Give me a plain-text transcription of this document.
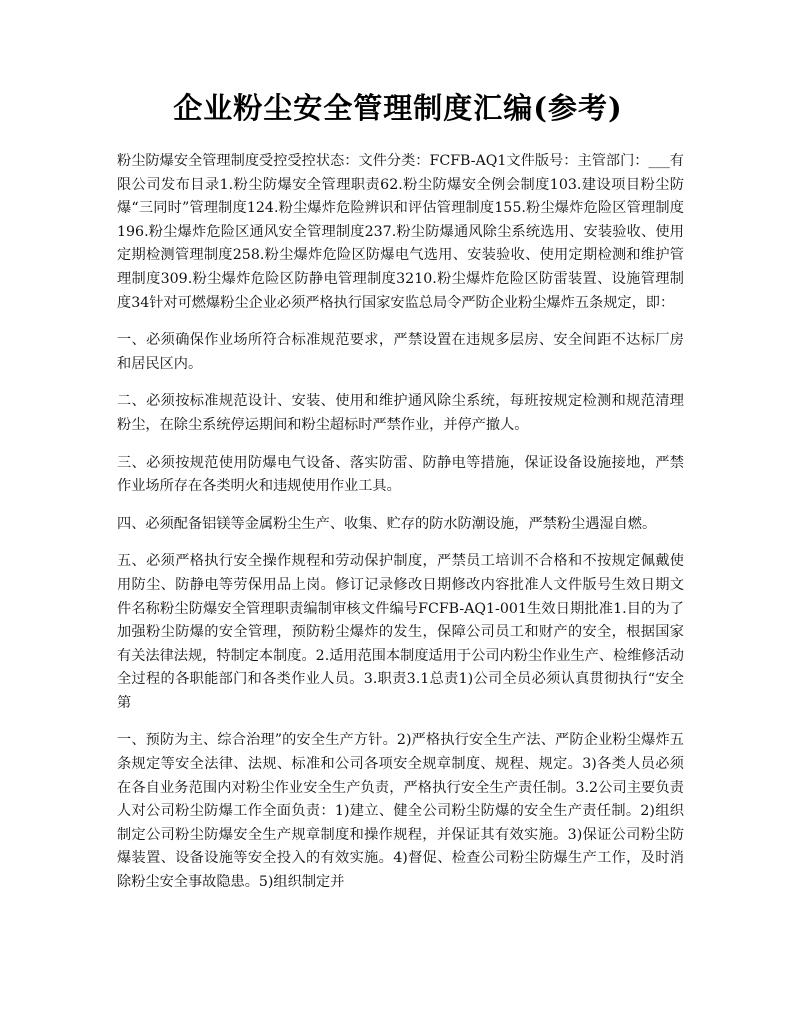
企业粉尘安全管理制度汇编(参考)

粉尘防爆安全管理制度受控受控状态：文件分类：FCFB-AQ1文件版号：主管部门：___有限公司发布目录1.粉尘防爆安全管理职责62.粉尘防爆安全例会制度103.建设项目粉尘防爆“三同时”管理制度124.粉尘爆炸危险辨识和评估管理制度155.粉尘爆炸危险区管理制度196.粉尘爆炸危险区通风安全管理制度237.粉尘防爆通风除尘系统选用、安装验收、使用定期检测管理制度258.粉尘爆炸危险区防爆电气选用、安装验收、使用定期检测和维护管理制度309.粉尘爆炸危险区防静电管理制度3210.粉尘爆炸危险区防雷装置、设施管理制度34针对可燃爆粉尘企业必须严格执行国家安监总局令严防企业粉尘爆炸五条规定，即：

一、必须确保作业场所符合标准规范要求，严禁设置在违规多层房、安全间距不达标厂房和居民区内。

二、必须按标准规范设计、安装、使用和维护通风除尘系统，每班按规定检测和规范清理粉尘，在除尘系统停运期间和粉尘超标时严禁作业，并停产撤人。

三、必须按规范使用防爆电气设备、落实防雷、防静电等措施，保证设备设施接地，严禁作业场所存在各类明火和违规使用作业工具。

四、必须配备铝镁等金属粉尘生产、收集、贮存的防水防潮设施，严禁粉尘遇湿自燃。

五、必须严格执行安全操作规程和劳动保护制度，严禁员工培训不合格和不按规定佩戴使用防尘、防静电等劳保用品上岗。修订记录修改日期修改内容批准人文件版号生效日期文件名称粉尘防爆安全管理职责编制审核文件编号FCFB-AQ1-001生效日期批准1.目的为了加强粉尘防爆的安全管理，预防粉尘爆炸的发生，保障公司员工和财产的安全，根据国家有关法律法规，特制定本制度。2.适用范围本制度适用于公司内粉尘作业生产、检维修活动全过程的各职能部门和各类作业人员。3.职责3.1总责1)公司全员必须认真贯彻执行“安全第

一、预防为主、综合治理”的安全生产方针。2)严格执行安全生产法、严防企业粉尘爆炸五条规定等安全法律、法规、标准和公司各项安全规章制度、规程、规定。3)各类人员必须在各自业务范围内对粉尘作业安全生产负责，严格执行安全生产责任制。3.2公司主要负责人对公司粉尘防爆工作全面负责：1)建立、健全公司粉尘防爆的安全生产责任制。2)组织制定公司粉尘防爆安全生产规章制度和操作规程，并保证其有效实施。3)保证公司粉尘防爆装置、设备设施等安全投入的有效实施。4)督促、检查公司粉尘防爆生产工作，及时消除粉尘安全事故隐患。5)组织制定并
